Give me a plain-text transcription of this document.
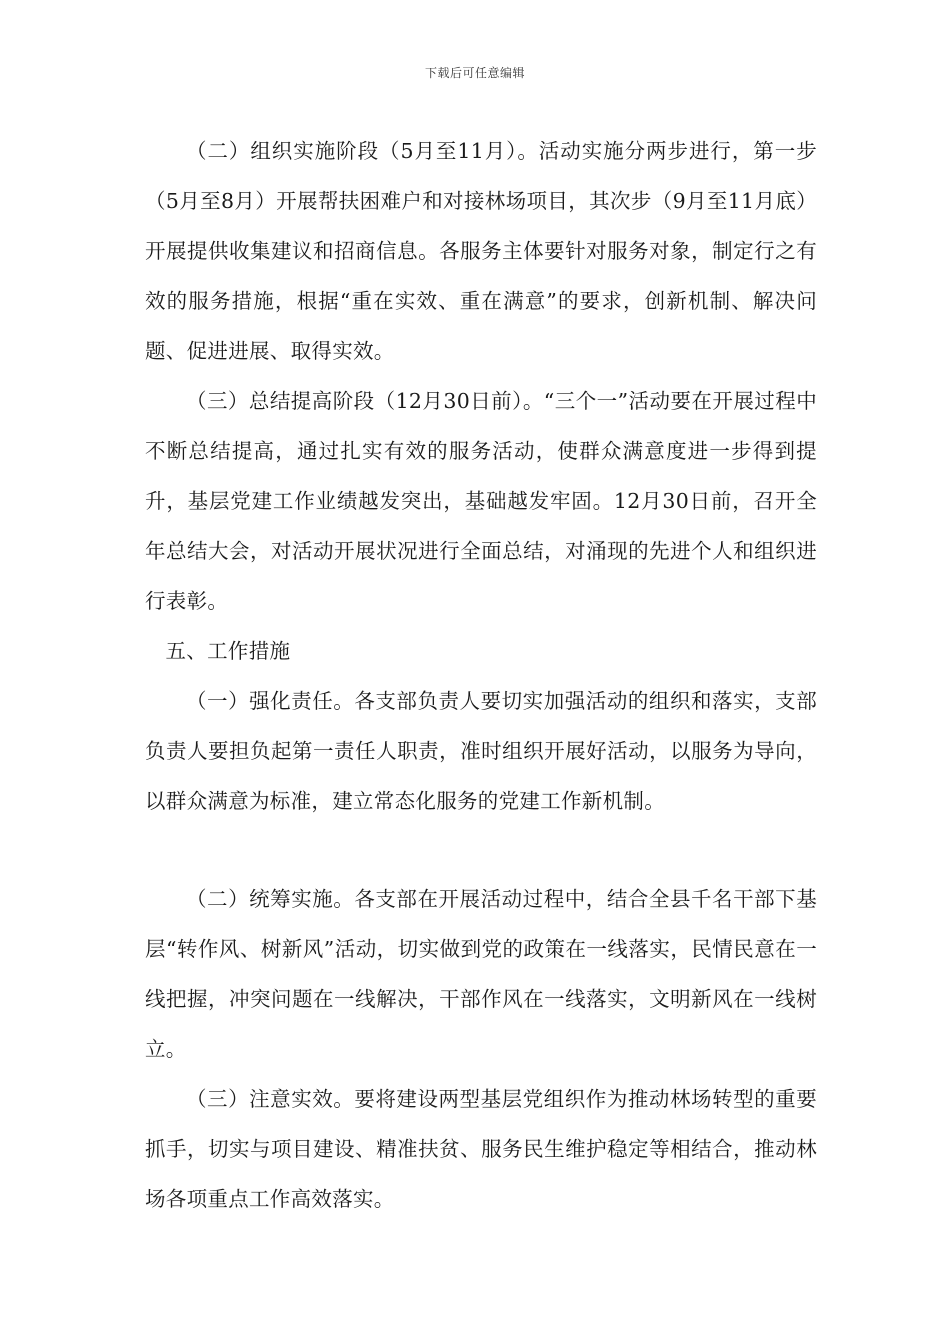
下载后可任意编辑

（二）组织实施阶段（5月至11月）。活动实施分两步进行，第一步（5月至8月）开展帮扶困难户和对接林场项目，其次步（9月至11月底）开展提供收集建议和招商信息。各服务主体要针对服务对象，制定行之有效的服务措施，根据“重在实效、重在满意”的要求，创新机制、解决问题、促进进展、取得实效。

（三）总结提高阶段（12月30日前）。“三个一”活动要在开展过程中不断总结提高，通过扎实有效的服务活动，使群众满意度进一步得到提升，基层党建工作业绩越发突出，基础越发牢固。12月30日前，召开全年总结大会，对活动开展状况进行全面总结，对涌现的先进个人和组织进行表彰。

五、工作措施

（一）强化责任。各支部负责人要切实加强活动的组织和落实，支部负责人要担负起第一责任人职责，准时组织开展好活动，以服务为导向，以群众满意为标准，建立常态化服务的党建工作新机制。

（二）统筹实施。各支部在开展活动过程中，结合全县千名干部下基层“转作风、树新风”活动，切实做到党的政策在一线落实，民情民意在一线把握，冲突问题在一线解决，干部作风在一线落实，文明新风在一线树立。

（三）注意实效。要将建设两型基层党组织作为推动林场转型的重要抓手，切实与项目建设、精准扶贫、服务民生维护稳定等相结合，推动林场各项重点工作高效落实。
